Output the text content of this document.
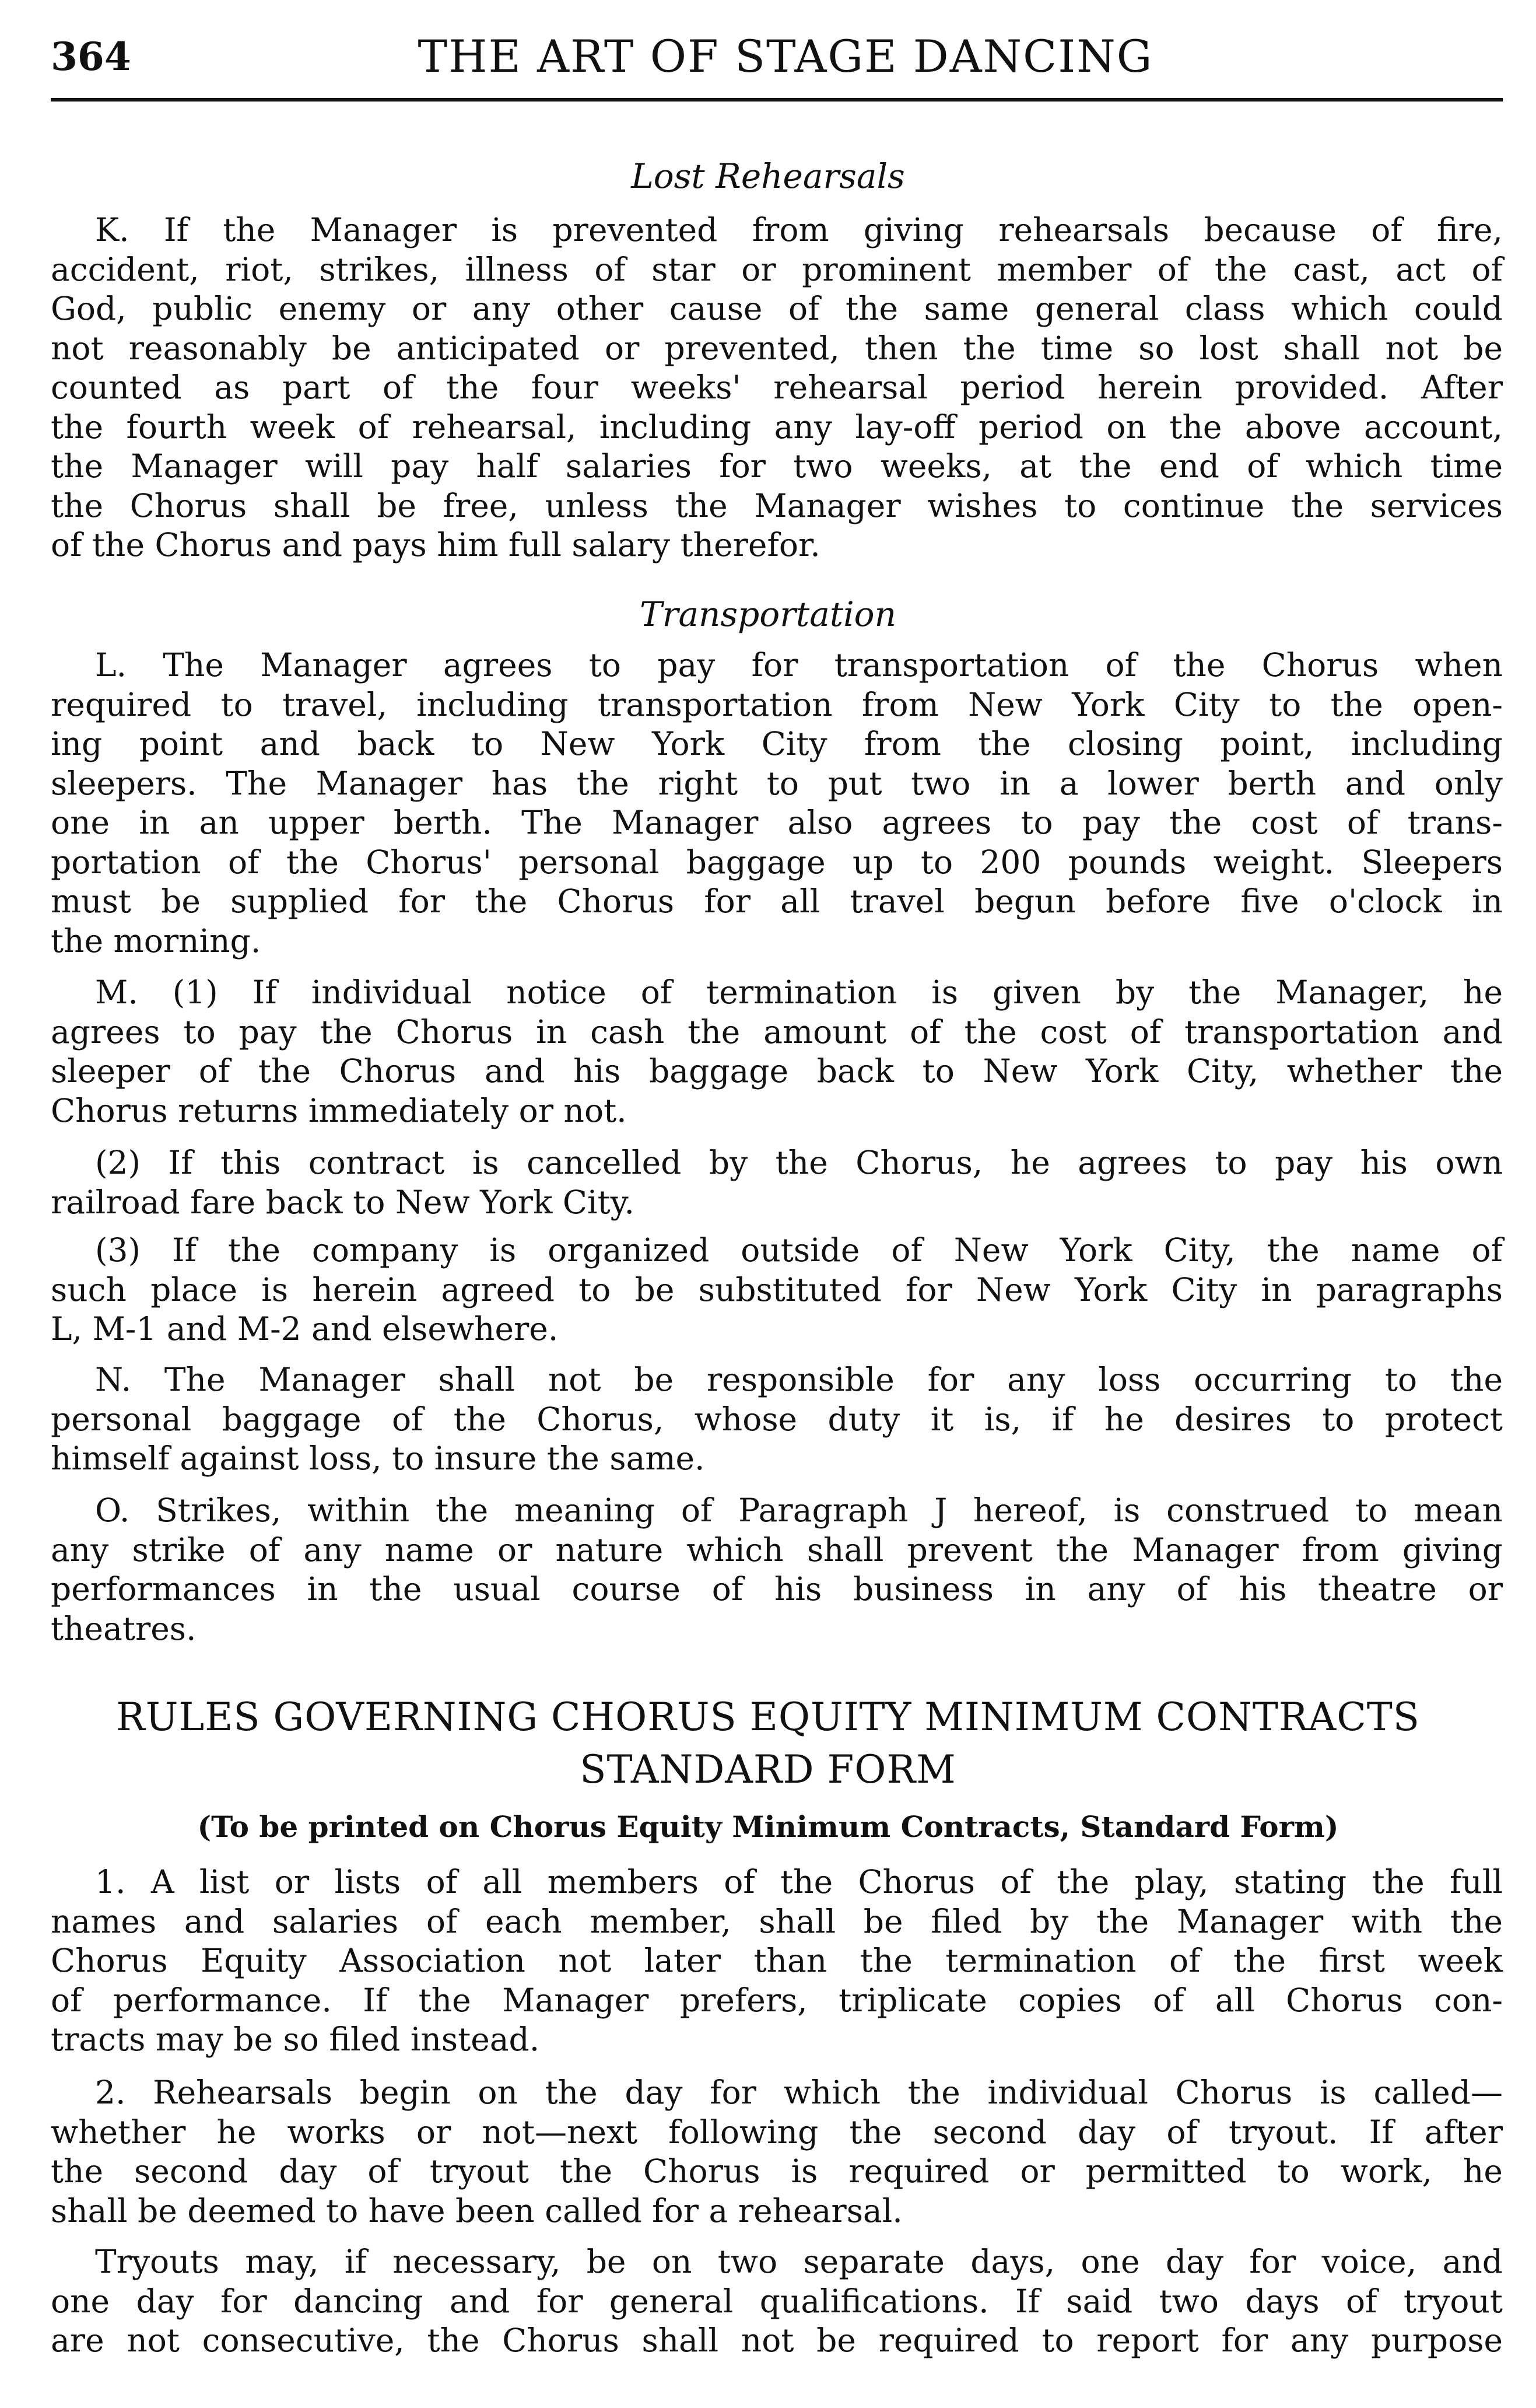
364	THE ART OF STAGE DANCING
Lost Rehearsals
K. If the Manager is prevented from giving rehearsals because of fire,
accident, riot, strikes, illness of star or prominent member of the cast, act of
God, public enemy or any other cause of the same general class which could
not reasonably be anticipated or prevented, then the time so lost shall not be
counted as part of the four weeks' rehearsal period herein provided. After
the fourth week of rehearsal, including any lay-off period on the above account,
the Manager will pay half salaries for two weeks, at the end of which time
the Chorus shall be free, unless the Manager wishes to continue the services
of the Chorus and pays him full salary therefor.
Transportation
L. The Manager agrees to pay for transportation of the Chorus when
required to travel, including transportation from New York City to the open-
ing point and back to New York City from the closing point, including
sleepers. The Manager has the right to put two in a lower berth and only
one in an upper berth. The Manager also agrees to pay the cost of trans-
portation of the Chorus' personal baggage up to 200 pounds weight. Sleepers
must be supplied for the Chorus for all travel begun before five o'clock in
the morning.
M. (1) If individual notice of termination is given by the Manager, he
agrees to pay the Chorus in cash the amount of the cost of transportation and
sleeper of the Chorus and his baggage back to New York City, whether the
Chorus returns immediately or not.
(2) If this contract is cancelled by the Chorus, he agrees to pay his own
railroad fare back to New York City.
(3) If the company is organized outside of New York City, the name of
such place is herein agreed to be substituted for New York City in paragraphs
L, M-1 and M-2 and elsewhere.
N. The Manager shall not be responsible for any loss occurring to the
personal baggage of the Chorus, whose duty it is, if he desires to protect
himself against loss, to insure the same.
O. Strikes, within the meaning of Paragraph J hereof, is construed to mean
any strike of any name or nature which shall prevent the Manager from giving
performances in the usual course of his business in any of his theatre or
theatres.
RULES GOVERNING CHORUS EQUITY MINIMUM CONTRACTS
STANDARD FORM
(To be printed on Chorus Equity Minimum Contracts, Standard Form)
1. A list or lists of all members of the Chorus of the play, stating the full
names and salaries of each member, shall be filed by the Manager with the
Chorus Equity Association not later than the termination of the first week
of performance. If the Manager prefers, triplicate copies of all Chorus con-
tracts may be so filed instead.
2. Rehearsals begin on the day for which the individual Chorus is called—
whether he works or not—next following the second day of tryout. If after
the second day of tryout the Chorus is required or permitted to work, he
shall be deemed to have been called for a rehearsal.
Tryouts may, if necessary, be on two separate days, one day for voice, and
one day for dancing and for general qualifications. If said two days of tryout
are not consecutive, the Chorus shall not be required to report for any purpose
